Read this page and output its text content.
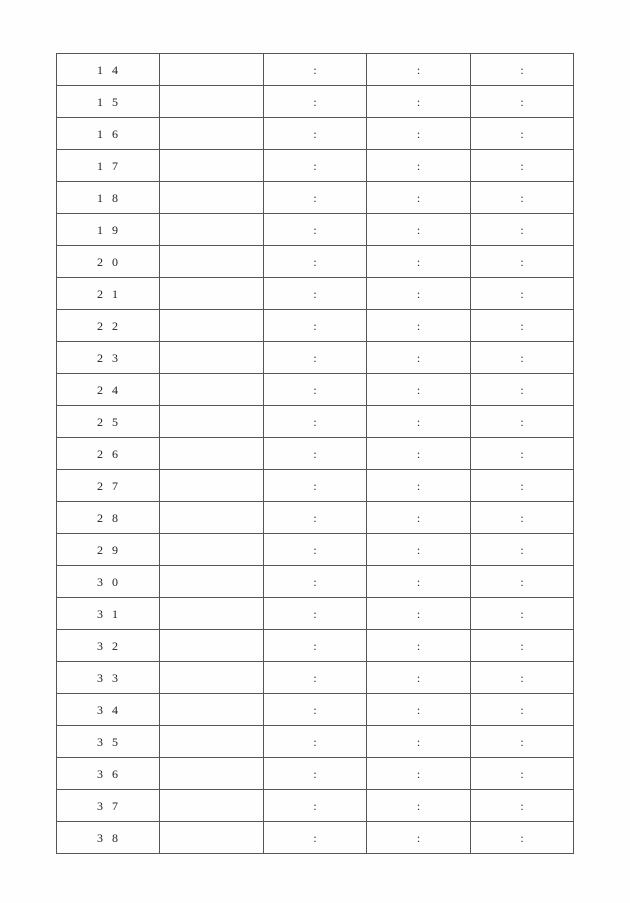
1 4		:	:	:
1 5		:	:	:
1 6		:	:	:
1 7		:	:	:
1 8		:	:	:
1 9		:	:	:
2 0		:	:	:
2 1		:	:	:
2 2		:	:	:
2 3		:	:	:
2 4		:	:	:
2 5		:	:	:
2 6		:	:	:
2 7		:	:	:
2 8		:	:	:
2 9		:	:	:
3 0		:	:	:
3 1		:	:	:
3 2		:	:	:
3 3		:	:	:
3 4		:	:	:
3 5		:	:	:
3 6		:	:	:
3 7		:	:	:
3 8		:	:	:
